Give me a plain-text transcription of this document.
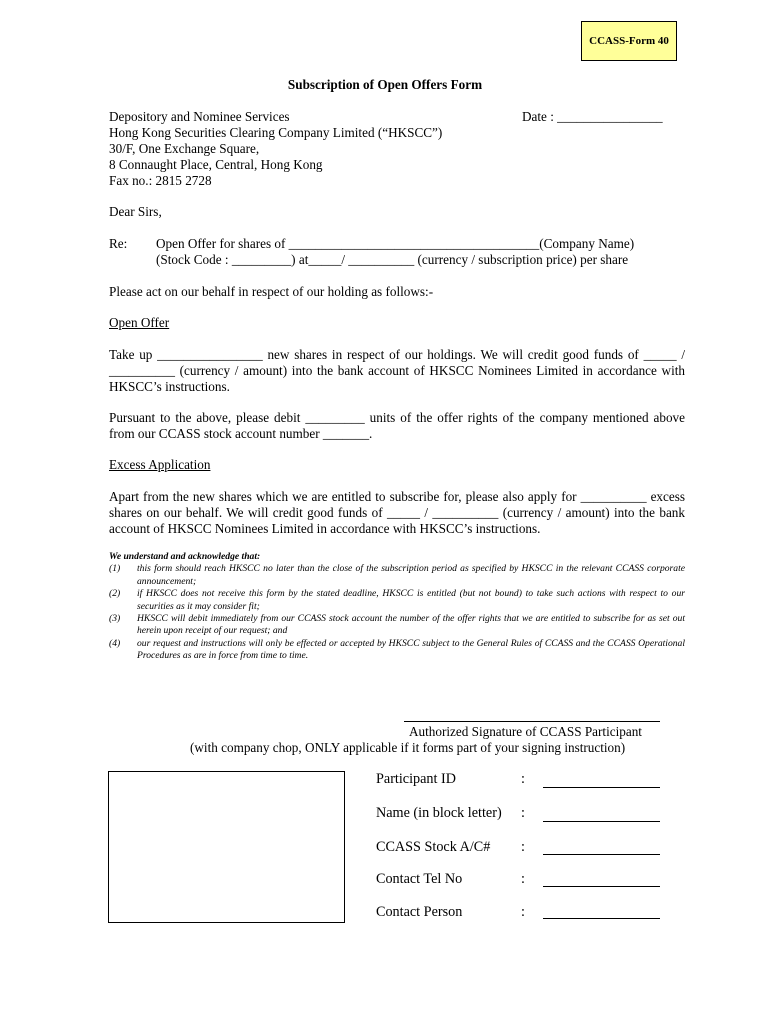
CCASS-Form 40
Subscription of Open Offers Form
Depository and Nominee Services
Hong Kong Securities Clearing Company Limited (“HKSCC”)
30/F, One Exchange Square,
8 Connaught Place, Central, Hong Kong
Fax no.: 2815 2728
Date : ________________
Dear Sirs,
Re: Open Offer for shares of ______________________________________(Company Name)
(Stock Code : _________) at_____/ __________ (currency / subscription price) per share
Please act on our behalf in respect of our holding as follows:-
Open Offer
Take up ________________ new shares in respect of our holdings. We will credit good funds of _____ / __________ (currency / amount) into the bank account of HKSCC Nominees Limited in accordance with HKSCC’s instructions.
Pursuant to the above, please debit _________ units of the offer rights of the company mentioned above from our CCASS stock account number _______.
Excess Application
Apart from the new shares which we are entitled to subscribe for, please also apply for __________ excess shares on our behalf. We will credit good funds of _____ / __________ (currency / amount) into the bank account of HKSCC Nominees Limited in accordance with HKSCC’s instructions.
We understand and acknowledge that:
(1)	this form should reach HKSCC no later than the close of the subscription period as specified by HKSCC in the relevant CCASS corporate announcement;
(2)	if HKSCC does not receive this form by the stated deadline, HKSCC is entitled (but not bound) to take such actions with respect to our securities as it may consider fit;
(3)	HKSCC will debit immediately from our CCASS stock account the number of the offer rights that we are entitled to subscribe for as set out herein upon receipt of our request; and
(4)	our request and instructions will only be effected or accepted by HKSCC subject to the General Rules of CCASS and the CCASS Operational Procedures as are in force from time to time.
Authorized Signature of CCASS Participant
(with company chop, ONLY applicable if it forms part of your signing instruction)
Participant ID	:
Name (in block letter) :
CCASS Stock A/C# :
Contact Tel No	:
Contact Person	:
